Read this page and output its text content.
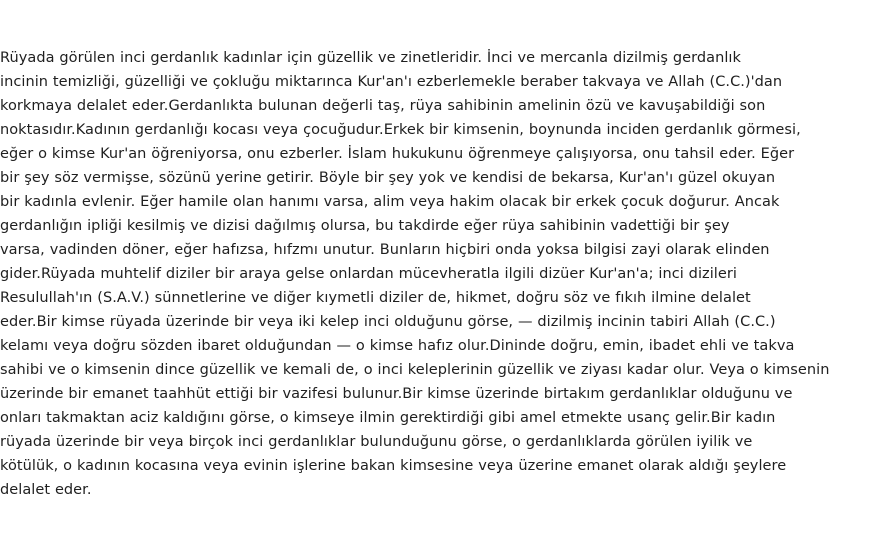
Rüyada görülen inci gerdanlık kadınlar için güzellik ve zinetleridir. İnci ve mercanla dizilmiş gerdanlık
incinin temizliği, güzelliği ve çokluğu miktarınca Kur'an'ı ezberlemekle beraber takvaya ve Allah (C.C.)'dan
korkmaya delalet eder.Gerdanlıkta bulunan değerli taş, rüya sahibinin amelinin özü ve kavuşabildiği son
noktasıdır.Kadının gerdanlığı kocası veya çocuğudur.Erkek bir kimsenin, boynunda inciden gerdanlık görmesi,
eğer o kimse Kur'an öğreniyorsa, onu ezberler. İslam hukukunu öğrenmeye çalışıyorsa, onu tahsil eder. Eğer
bir şey söz vermişse, sözünü yerine getirir. Böyle bir şey yok ve kendisi de bekarsa, Kur'an'ı güzel okuyan
bir kadınla evlenir. Eğer hamile olan hanımı varsa, alim veya hakim olacak bir erkek çocuk doğurur. Ancak
gerdanlığın ipliği kesilmiş ve dizisi dağılmış olursa, bu takdirde eğer rüya sahibinin vadettiği bir şey
varsa, vadinden döner, eğer hafızsa, hıfzmı unutur. Bunların hiçbiri onda yoksa bilgisi zayi olarak elinden
gider.Rüyada muhtelif diziler bir araya gelse onlardan mücevheratla ilgili dizüer Kur'an'a; inci dizileri
Resulullah'ın (S.A.V.) sünnetlerine ve diğer kıymetli diziler de, hikmet, doğru söz ve fıkıh ilmine delalet
eder.Bir kimse rüyada üzerinde bir veya iki kelep inci olduğunu görse, — dizilmiş incinin tabiri Allah (C.C.)
kelamı veya doğru sözden ibaret olduğundan — o kimse hafız olur.Dininde doğru, emin, ibadet ehli ve takva
sahibi ve o kimsenin dince güzellik ve kemali de, o inci keleplerinin güzellik ve ziyası kadar olur. Veya o kimsenin
üzerinde bir emanet taahhüt ettiği bir vazifesi bulunur.Bir kimse üzerinde birtakım gerdanlıklar olduğunu ve
onları takmaktan aciz kaldığını görse, o kimseye ilmin gerektirdiği gibi amel etmekte usanç gelir.Bir kadın
rüyada üzerinde bir veya birçok inci gerdanlıklar bulunduğunu görse, o gerdanlıklarda görülen iyilik ve
kötülük, o kadının kocasına veya evinin işlerine bakan kimsesine veya üzerine emanet olarak aldığı şeylere
delalet eder.
